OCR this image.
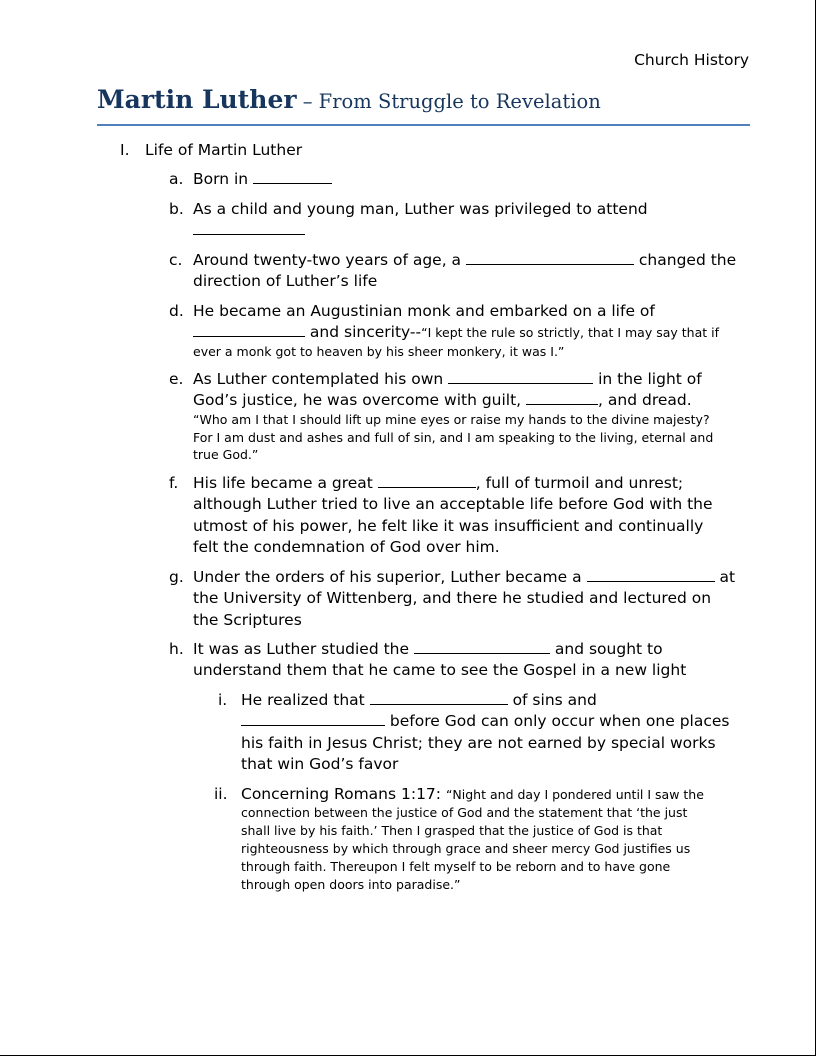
Church History
Martin Luther – From Struggle to Revelation
I. Life of Martin Luther
a. Born in
b. As a child and young man, Luther was privileged to attend
c. Around twenty-two years of age, a	changed the
direction of Luther’s life
d. He became an Augustinian monk and embarked on a life of
and sincerity--“I kept the rule so strictly, that I may say that if
ever a monk got to heaven by his sheer monkery, it was I.”
e. As Luther contemplated his own	in the light of
God’s justice, he was overcome with guilt,	, and dread.
“Who am I that I should lift up mine eyes or raise my hands to the divine majesty?
For I am dust and ashes and full of sin, and I am speaking to the living, eternal and
true God.”
f. His life became a great	, full of turmoil and unrest;
although Luther tried to live an acceptable life before God with the
utmost of his power, he felt like it was insufficient and continually
felt the condemnation of God over him.
g. Under the orders of his superior, Luther became a	at
the University of Wittenberg, and there he studied and lectured on
the Scriptures
h. It was as Luther studied the	and sought to
understand them that he came to see the Gospel in a new light
i. He realized that	of sins and
before God can only occur when one places
his faith in Jesus Christ; they are not earned by special works
that win God’s favor
ii. Concerning Romans 1:17: “Night and day I pondered until I saw the
connection between the justice of God and the statement that ‘the just
shall live by his faith.’ Then I grasped that the justice of God is that
righteousness by which through grace and sheer mercy God justifies us
through faith. Thereupon I felt myself to be reborn and to have gone
through open doors into paradise.”
